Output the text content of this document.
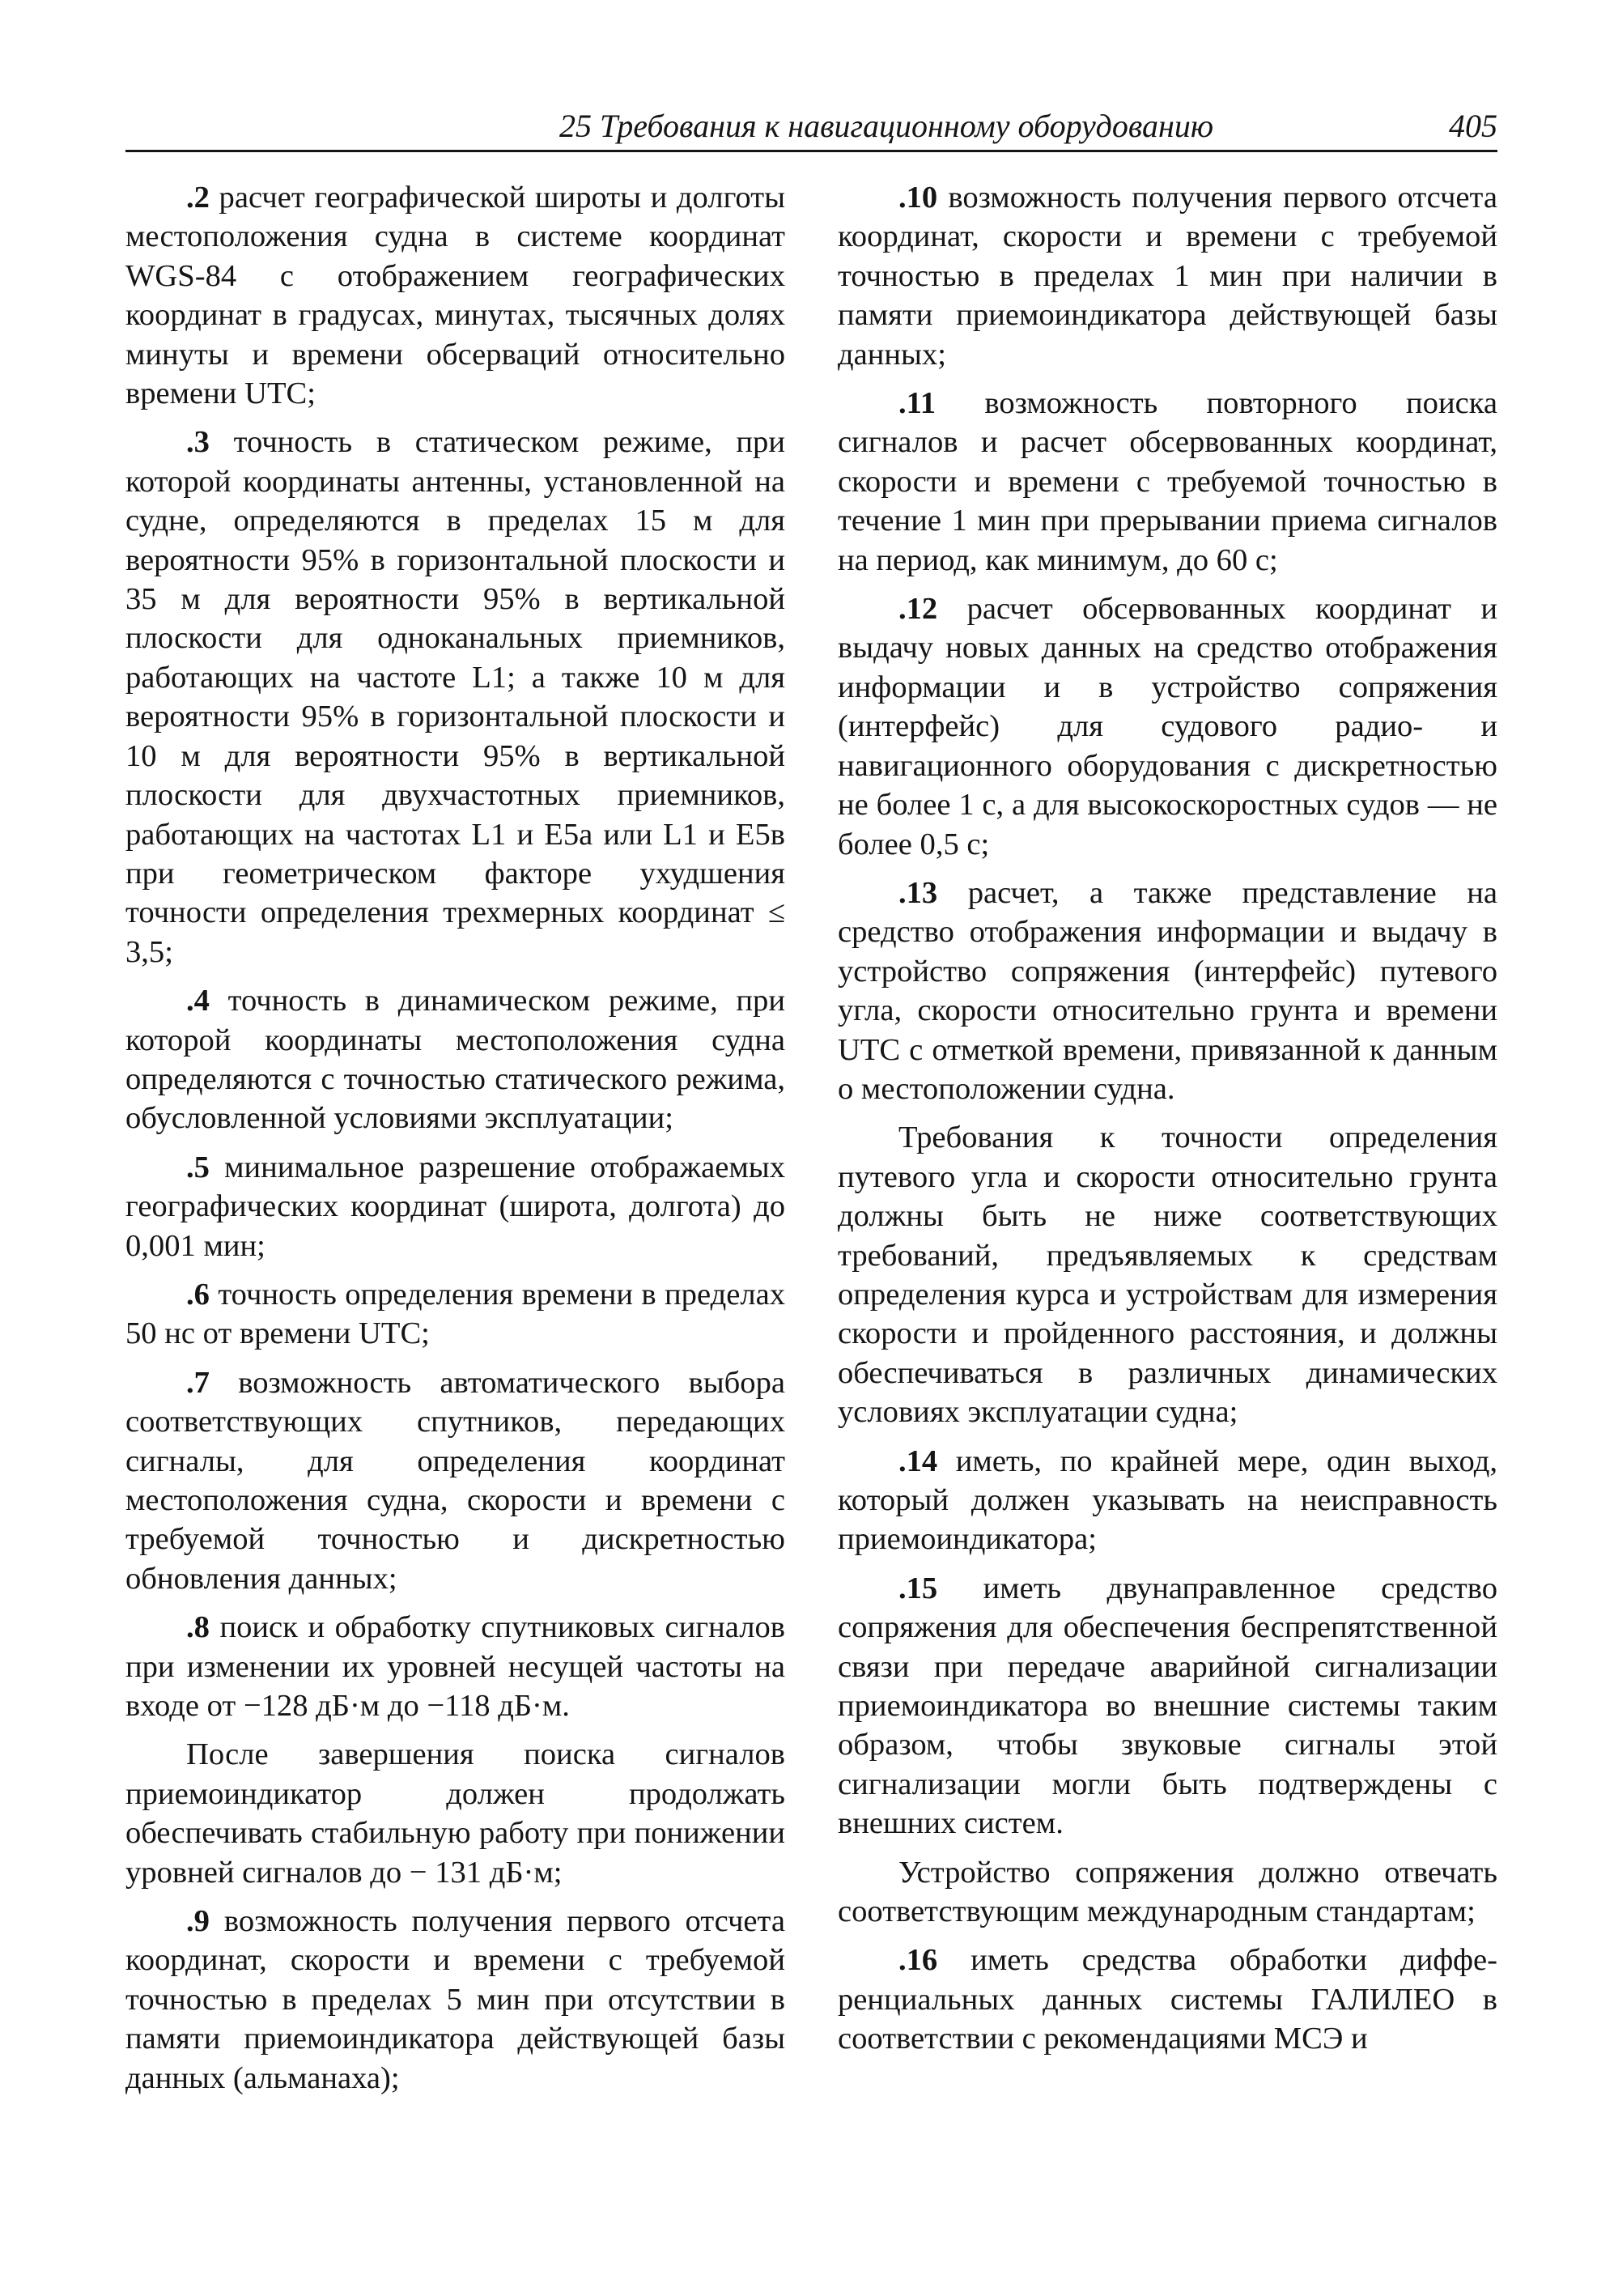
25 Требования к навигационному оборудованию	405

.2 расчет географической широты и долготы местоположения судна в системе координат WGS-84 с отображением географических координат в градусах, минутах, тысячных долях минуты и времени обсерваций относительно времени UTC;

.3 точность в статическом режиме, при которой координаты антенны, установленной на судне, определяются в пределах 15 м для вероятности 95% в горизонтальной плоскости и 35 м для вероятности 95% в вертикальной плоскости для одноканальных приемников, работающих на частоте L1; а также 10 м для вероятности 95% в горизонтальной плоскости и 10 м для вероятности 95% в вертикальной плоскости для двухчастотных приемников, работающих на частотах L1 и E5a или L1 и E5в при геометрическом факторе ухудшения точности определения трехмерных координат ≤ 3,5;

.4 точность в динамическом режиме, при которой координаты местоположения судна определяются с точностью статического режима, обусловленной условиями эксплуатации;

.5 минимальное разрешение отображаемых географических координат (широта, долгота) до 0,001 мин;

.6 точность определения времени в пределах 50 нс от времени UTC;

.7 возможность автоматического выбора соответствующих спутников, передающих сигналы, для определения координат местоположения судна, скорости и времени с требуемой точностью и дискретностью обновления данных;

.8 поиск и обработку спутниковых сигналов при изменении их уровней несущей частоты на входе от −128 дБ·м до −118 дБ·м.

После завершения поиска сигналов приемоиндикатор должен продолжать обеспечивать стабильную работу при понижении уровней сигналов до − 131 дБ·м;

.9 возможность получения первого отсчета координат, скорости и времени с требуемой точностью в пределах 5 мин при отсутствии в памяти приемоиндикатора действующей базы данных (альманаха);

.10 возможность получения первого отсчета координат, скорости и времени с требуемой точностью в пределах 1 мин при наличии в памяти приемоиндикатора действующей базы данных;

.11 возможность повторного поиска сигналов и расчет обсервованных координат, скорости и времени с требуемой точностью в течение 1 мин при прерывании приема сигналов на период, как минимум, до 60 с;

.12 расчет обсервованных координат и выдачу новых данных на средство отображения информации и в устройство сопряжения (интерфейс) для судового радио- и навигационного оборудования с дискретностью не более 1 с, а для высокоскоростных судов — не более 0,5 с;

.13 расчет, а также представление на средство отображения информации и выдачу в устройство сопряжения (интерфейс) путевого угла, скорости относительно грунта и времени UTC с отметкой времени, привязанной к данным о местоположении судна.

Требования к точности определения путевого угла и скорости относительно грунта должны быть не ниже соответствующих требований, предъявляемых к средствам определения курса и устройствам для измерения скорости и пройденного расстояния, и должны обеспечиваться в различных динамических условиях эксплуатации судна;

.14 иметь, по крайней мере, один выход, который должен указывать на неисправность приемоиндикатора;

.15 иметь двунаправленное средство сопряжения для обеспечения беспрепятственной связи при передаче аварийной сигнализации приемоиндикатора во внешние системы таким образом, чтобы звуковые сигналы этой сигнализации могли быть подтверждены с внешних систем.

Устройство сопряжения должно отвечать соответствующим международным стандартам;

.16 иметь средства обработки дифференциальных данных системы ГАЛИЛЕО в соответствии с рекомендациями МСЭ и
